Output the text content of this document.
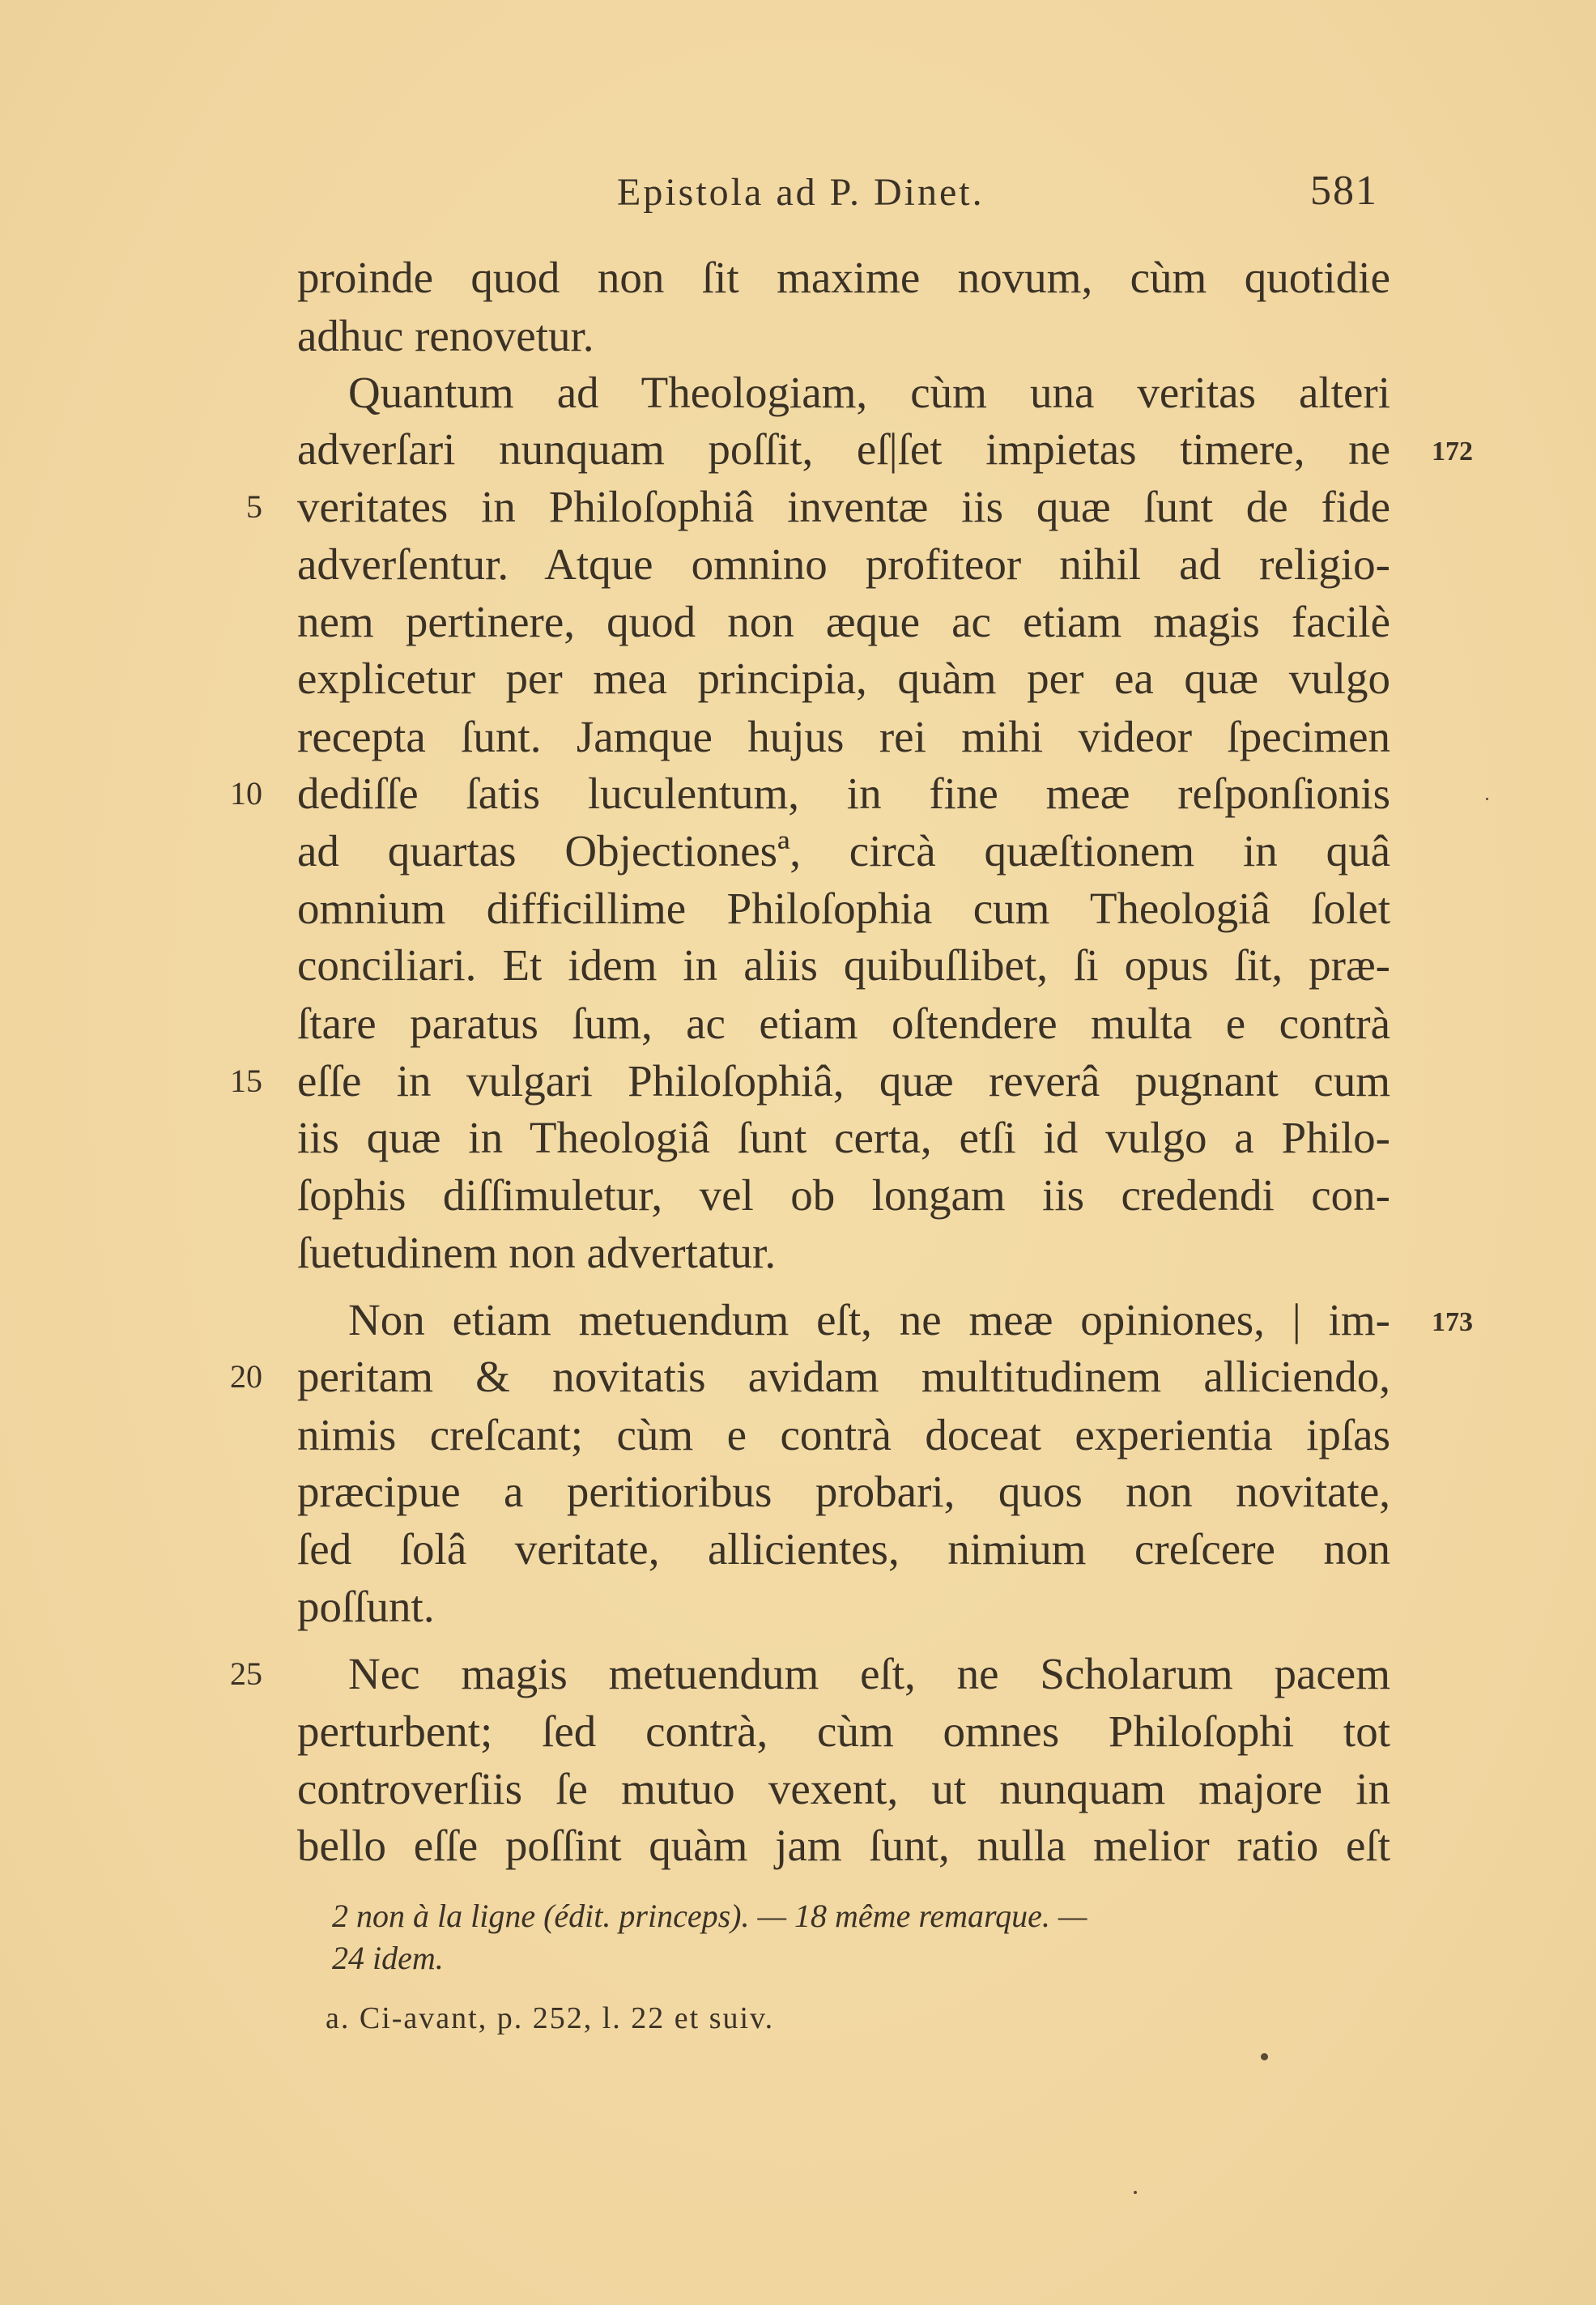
Epistola ad P. Dinet.	581
proinde quod non ſit maxime novum, cùm quotidie
adhuc renovetur.
Quantum ad Theologiam, cùm una veritas alteri
adverſari nunquam poſſit, eſ|ſet impietas timere, ne
veritates in Philoſophiâ inventæ iis quæ ſunt de fide
adverſentur. Atque omnino profiteor nihil ad religio-
nem pertinere, quod non æque ac etiam magis facilè
explicetur per mea principia, quàm per ea quæ vulgo
recepta ſunt. Jamque hujus rei mihi videor ſpecimen
dediſſe ſatis luculentum, in fine meæ reſponſionis
ad quartas Objectionesª, circà quæſtionem in quâ
omnium difficillime Philoſophia cum Theologiâ ſolet
conciliari. Et idem in aliis quibuſlibet, ſi opus ſit, præ-
ſtare paratus ſum, ac etiam oſtendere multa e contrà
eſſe in vulgari Philoſophiâ, quæ reverâ pugnant cum
iis quæ in Theologiâ ſunt certa, etſi id vulgo a Philo-
ſophis diſſimuletur, vel ob longam iis credendi con-
ſuetudinem non advertatur.
Non etiam metuendum eſt, ne meæ opiniones, | im-
peritam & novitatis avidam multitudinem alliciendo,
nimis creſcant; cùm e contrà doceat experientia ipſas
præcipue a peritioribus probari, quos non novitate,
ſed ſolâ veritate, allicientes, nimium creſcere non
poſſunt.
Nec magis metuendum eſt, ne Scholarum pacem
perturbent; ſed contrà, cùm omnes Philoſophi tot
controverſiis ſe mutuo vexent, ut nunquam majore in
bello eſſe poſſint quàm jam ſunt, nulla melior ratio eſt
5
10
15
20
25
172
173
2 non à la ligne (édit. princeps). — 18 même remarque. —
24 idem.
a. Ci-avant, p. 252, l. 22 et suiv.
